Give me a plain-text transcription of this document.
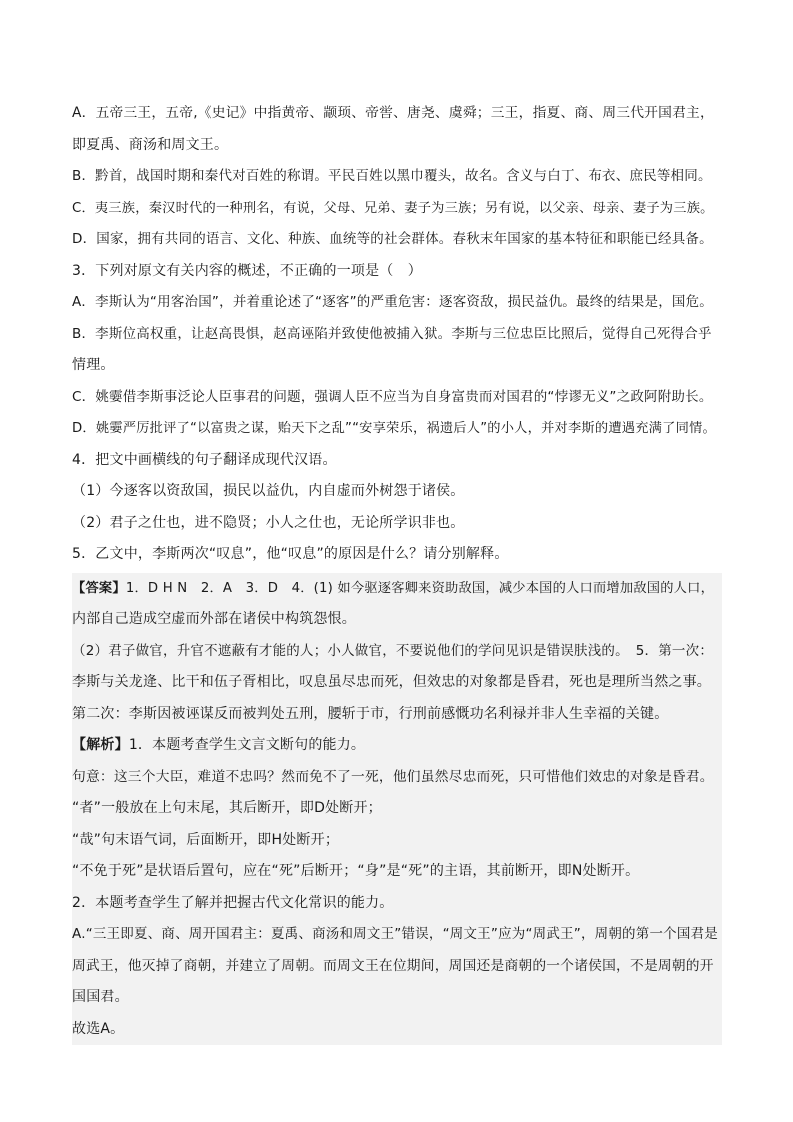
A．五帝三王，五帝,《史记》中指黄帝、颛顼、帝喾、唐尧、虞舜；三王，指夏、商、周三代开国君主，
即夏禹、商汤和周文王。
B．黔首，战国时期和秦代对百姓的称谓。平民百姓以黑巾覆头，故名。含义与白丁、布衣、庶民等相同。
C．夷三族，秦汉时代的一种刑名，有说，父母、兄弟、妻子为三族；另有说，以父亲、母亲、妻子为三族。
D．国家，拥有共同的语言、文化、种族、血统等的社会群体。春秋末年国家的基本特征和职能已经具备。
3．下列对原文有关内容的概述，不正确的一项是（　）
A．李斯认为“用客治国”，并着重论述了“逐客”的严重危害：逐客资敌，损民益仇。最终的结果是，国危。
B．李斯位高权重，让赵高畏惧，赵高诬陷并致使他被捕入狱。李斯与三位忠臣比照后，觉得自己死得合乎
情理。
C．姚孁借李斯事泛论人臣事君的问题，强调人臣不应当为自身富贵而对国君的“悖谬无义”之政阿附助长。
D．姚孁严厉批评了“以富贵之谋，贻天下之乱”“安享荣乐，祸遗后人”的小人，并对李斯的遭遇充满了同情。
4．把文中画横线的句子翻译成现代汉语。
（1）今逐客以资敌国，损民以益仇，内自虚而外树怨于诸侯。
（2）君子之仕也，进不隐贤；小人之仕也，无论所学识非也。
5．乙文中，李斯两次“叹息”，他“叹息”的原因是什么？请分别解释。
【答案】1．D H N　2．A　3．D　4．(1) 如今驱逐客卿来资助敌国，减少本国的人口而增加敌国的人口，
内部自己造成空虚而外部在诸侯中构筑怨恨。
（2）君子做官，升官不遮蔽有才能的人；小人做官，不要说他们的学问见识是错误肤浅的。　5．第一次：
李斯与关龙逄、比干和伍子胥相比，叹息虽尽忠而死，但效忠的对象都是昏君，死也是理所当然之事。
第二次：李斯因被诬谋反而被判处五刑，腰斩于市，行刑前感慨功名利禄并非人生幸福的关键。
【解析】1．本题考查学生文言文断句的能力。
句意：这三个大臣，难道不忠吗？然而免不了一死，他们虽然尽忠而死，只可惜他们效忠的对象是昏君。
“者”一般放在上句末尾，其后断开，即D处断开；
“哉”句末语气词，后面断开，即H处断开；
“不免于死”是状语后置句，应在“死”后断开；“身”是“死”的主语，其前断开，即N处断开。
2．本题考查学生了解并把握古代文化常识的能力。
A.“三王即夏、商、周开国君主：夏禹、商汤和周文王”错误，“周文王”应为“周武王”，周朝的第一个国君是
周武王，他灭掉了商朝，并建立了周朝。而周文王在位期间，周国还是商朝的一个诸侯国，不是周朝的开
国国君。
故选A。
